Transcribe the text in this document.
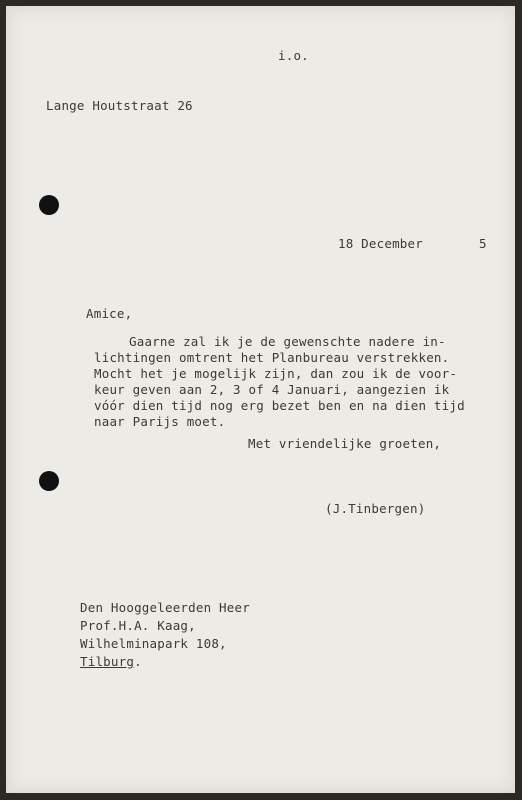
i.o.
Lange Houtstraat 26
18 December	5
Amice,
Gaarne zal ik je de gewenschte nadere in-
lichtingen omtrent het Planbureau verstrekken.
Mocht het je mogelijk zijn, dan zou ik de voor-
keur geven aan 2, 3 of 4 Januari, aangezien ik
vóór dien tijd nog erg bezet ben en na dien tijd
naar Parijs moet.
Met vriendelijke groeten,
(J.Tinbergen)
Den Hooggeleerden Heer
Prof.H.A. Kaag,
Wilhelminapark 108,
Tilburg.
